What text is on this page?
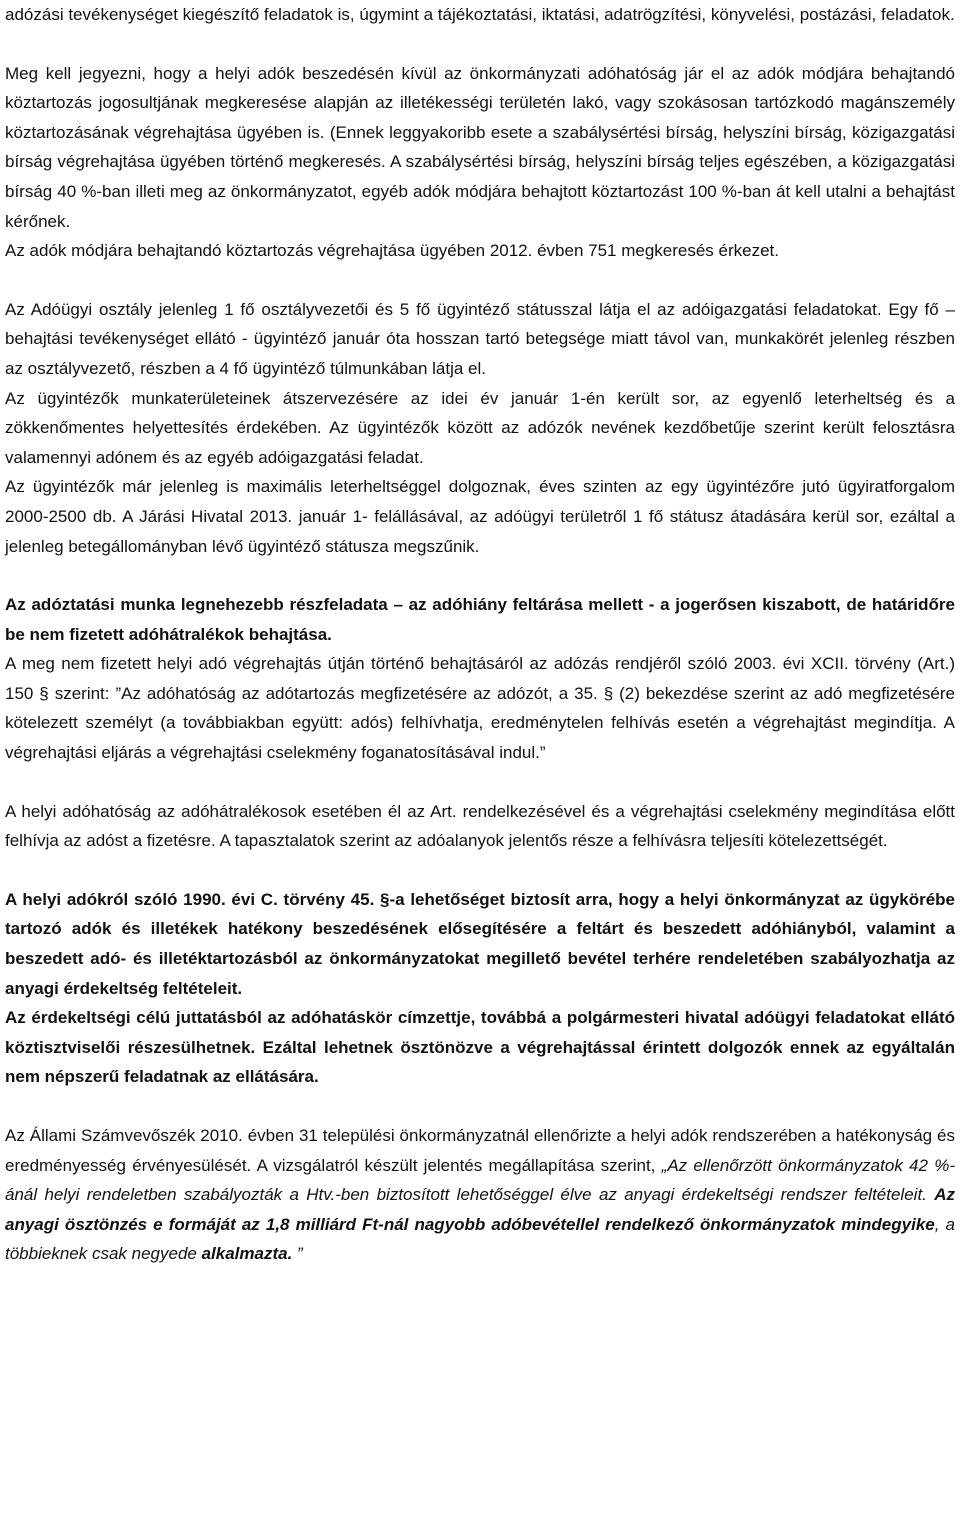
adózási tevékenységet kiegészítő feladatok is, úgymint a tájékoztatási, iktatási, adatrögzítési, könyvelési, postázási, feladatok.

Meg kell jegyezni, hogy a helyi adók beszedésén kívül az önkormányzati adóhatóság jár el az adók módjára behajtandó köztartozás jogosultjának megkeresése alapján az illetékességi területén lakó, vagy szokásosan tartózkodó magánszemély köztartozásának végrehajtása ügyében is. (Ennek leggyakoribb esete a szabálysértési bírság, helyszíni bírság, közigazgatási bírság végrehajtása ügyében történő megkeresés. A szabálysértési bírság, helyszíni bírság teljes egészében, a közigazgatási bírság 40 %-ban illeti meg az önkormányzatot, egyéb adók módjára behajtott köztartozást 100 %-ban át kell utalni a behajtást kérőnek.

Az adók módjára behajtandó köztartozás végrehajtása ügyében 2012. évben 751 megkeresés érkezet.

Az Adóügyi osztály jelenleg 1 fő osztályvezetői és 5 fő ügyintéző státusszal látja el az adóigazgatási feladatokat. Egy fő – behajtási tevékenységet ellátó - ügyintéző január óta hosszan tartó betegsége miatt távol van, munkakörét jelenleg részben az osztályvezető, részben a 4 fő ügyintéző túlmunkában látja el.

Az ügyintézők munkaterületeinek átszervezésére az idei év január 1-én került sor, az egyenlő leterheltség és a zökkenőmentes helyettesítés érdekében. Az ügyintézők között az adózók nevének kezdőbetűje szerint került felosztásra valamennyi adónem és az egyéb adóigazgatási feladat.

Az ügyintézők már jelenleg is maximális leterheltséggel dolgoznak, éves szinten az egy ügyintézőre jutó ügyiratforgalom 2000-2500 db. A Járási Hivatal 2013. január 1- felállásával, az adóügyi területről 1 fő státusz átadására kerül sor, ezáltal a jelenleg betegállományban lévő ügyintéző státusza megszűnik.

Az adóztatási munka legnehezebb részfeladata – az adóhiány feltárása mellett - a jogerősen kiszabott, de határidőre be nem fizetett adóhátralékok behajtása.

A meg nem fizetett helyi adó végrehajtás útján történő behajtásáról az adózás rendjéről szóló 2003. évi XCII. törvény (Art.) 150 § szerint: ”Az adóhatóság az adótartozás megfizetésére az adózót, a 35. § (2) bekezdése szerint az adó megfizetésére kötelezett személyt (a továbbiakban együtt: adós) felhívhatja, eredménytelen felhívás esetén a végrehajtást megindítja. A végrehajtási eljárás a végrehajtási cselekmény foganatosításával indul.”

A helyi adóhatóság az adóhátralékosok esetében él az Art. rendelkezésével és a végrehajtási cselekmény megindítása előtt felhívja az adóst a fizetésre. A tapasztalatok szerint az adóalanyok jelentős része a felhívásra teljesíti kötelezettségét.

A helyi adókról szóló 1990. évi C. törvény 45. §-a lehetőséget biztosít arra, hogy a helyi önkormányzat az ügykörébe tartozó adók és illetékek hatékony beszedésének elősegítésére a feltárt és beszedett adóhiányból, valamint a beszedett adó- és illetéktartozásból az önkormányzatokat megillető bevétel terhére rendeletében szabályozhatja az anyagi érdekeltség feltételeit.

Az érdekeltségi célú juttatásból az adóhatáskör címzettje, továbbá a polgármesteri hivatal adóügyi feladatokat ellátó köztisztviselői részesülhetnek. Ezáltal lehetnek ösztönözve a végrehajtással érintett dolgozók ennek az egyáltalán nem népszerű feladatnak az ellátására.

Az Állami Számvevőszék 2010. évben 31 települési önkormányzatnál ellenőrizte a helyi adók rendszerében a hatékonyság és eredményesség érvényesülését. A vizsgálatról készült jelentés megállapítása szerint, „Az ellenőrzött önkormányzatok 42 %-ánál helyi rendeletben szabályozták a Htv.-ben biztosított lehetőséggel élve az anyagi érdekeltségi rendszer feltételeit. Az anyagi ösztönzés e formáját az 1,8 milliárd Ft-nál nagyobb adóbevétellel rendelkező önkormányzatok mindegyike, a többieknek csak negyede alkalmazta. ”
